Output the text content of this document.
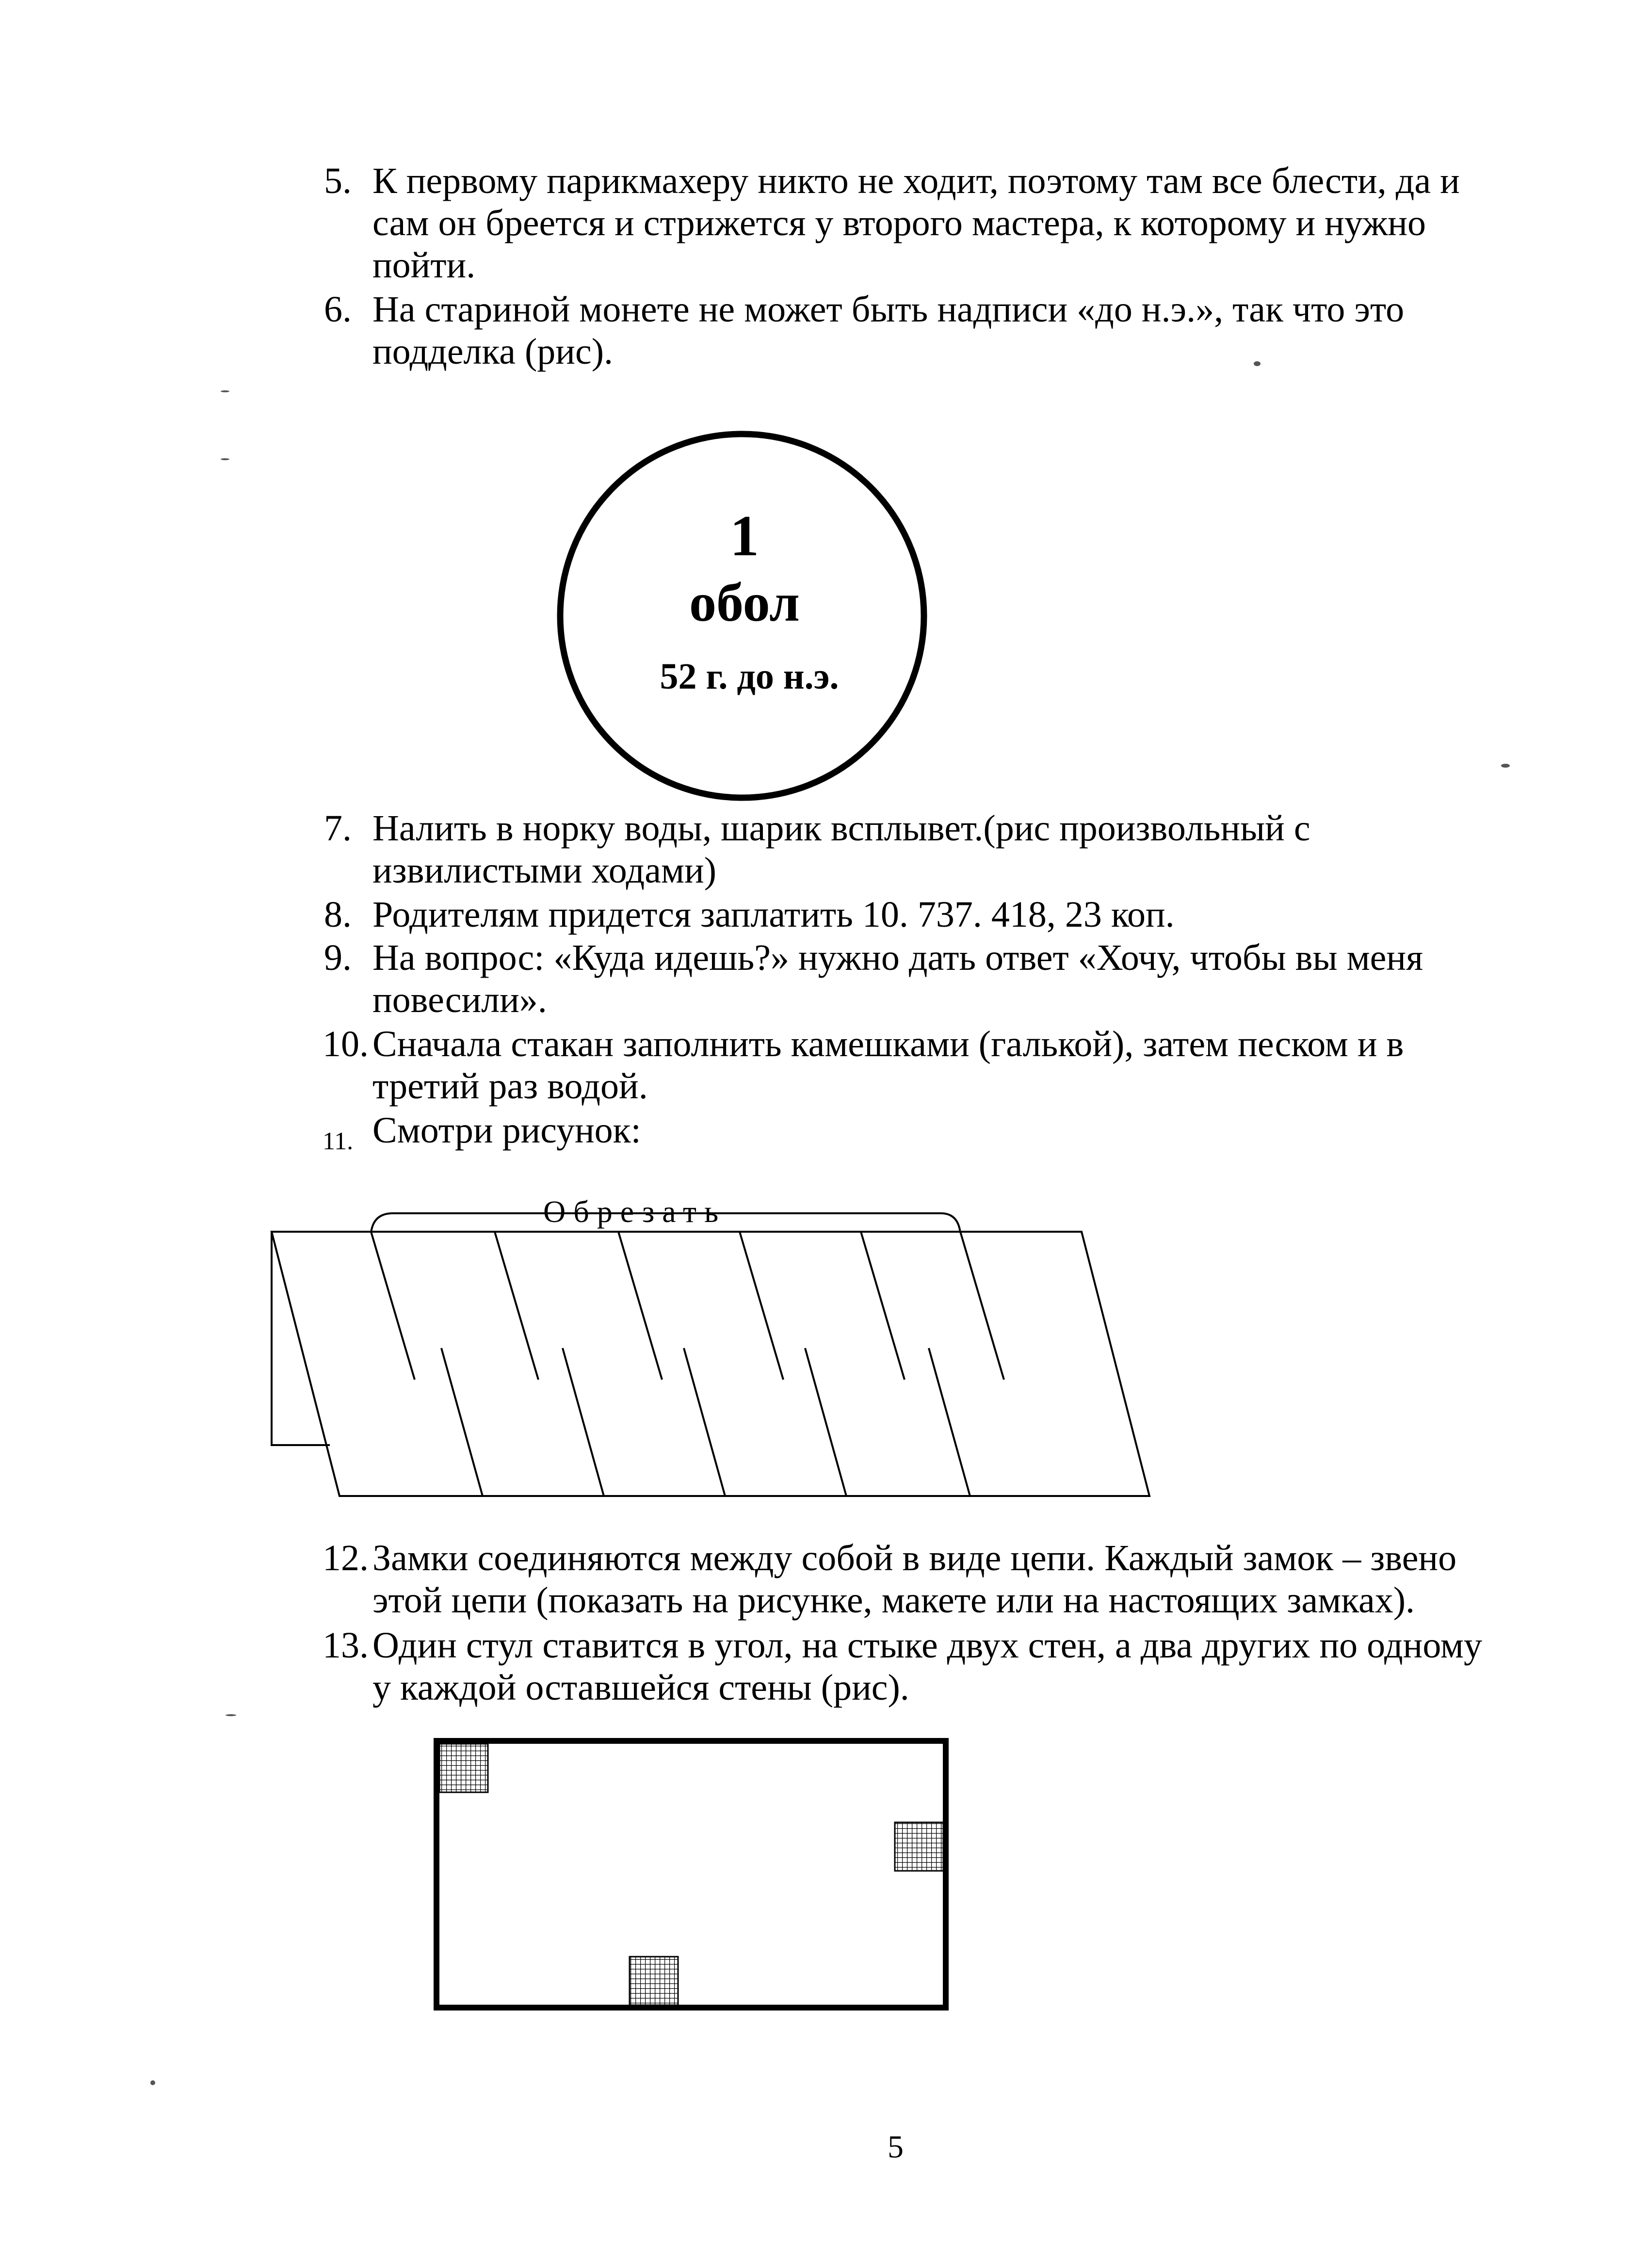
5. К первому парикмахеру никто не ходит, поэтому там все блести, да и
сам он бреется и стрижется у второго мастера, к которому и нужно
пойти.
6. На стариной монете не может быть надписи «до н.э.», так что это
подделка (рис).
1
обол
52 г. до н.э.
7. Налить в норку воды, шарик всплывет.(рис произвольный с
извилистыми ходами)
8. Родителям придется заплатить 10. 737. 418, 23 коп.
9. На вопрос: «Куда идешь?» нужно дать ответ «Хочу, чтобы вы меня
повесили».
10. Сначала стакан заполнить камешками (галькой), затем песком и в
третий раз водой.
11. Смотри рисунок:
Обрезать
12. Замки соединяются между собой в виде цепи. Каждый замок – звено
этой цепи (показать на рисунке, макете или на настоящих замках).
13. Один стул ставится в угол, на стыке двух стен, а два других по одному
у каждой оставшейся стены (рис).
5
